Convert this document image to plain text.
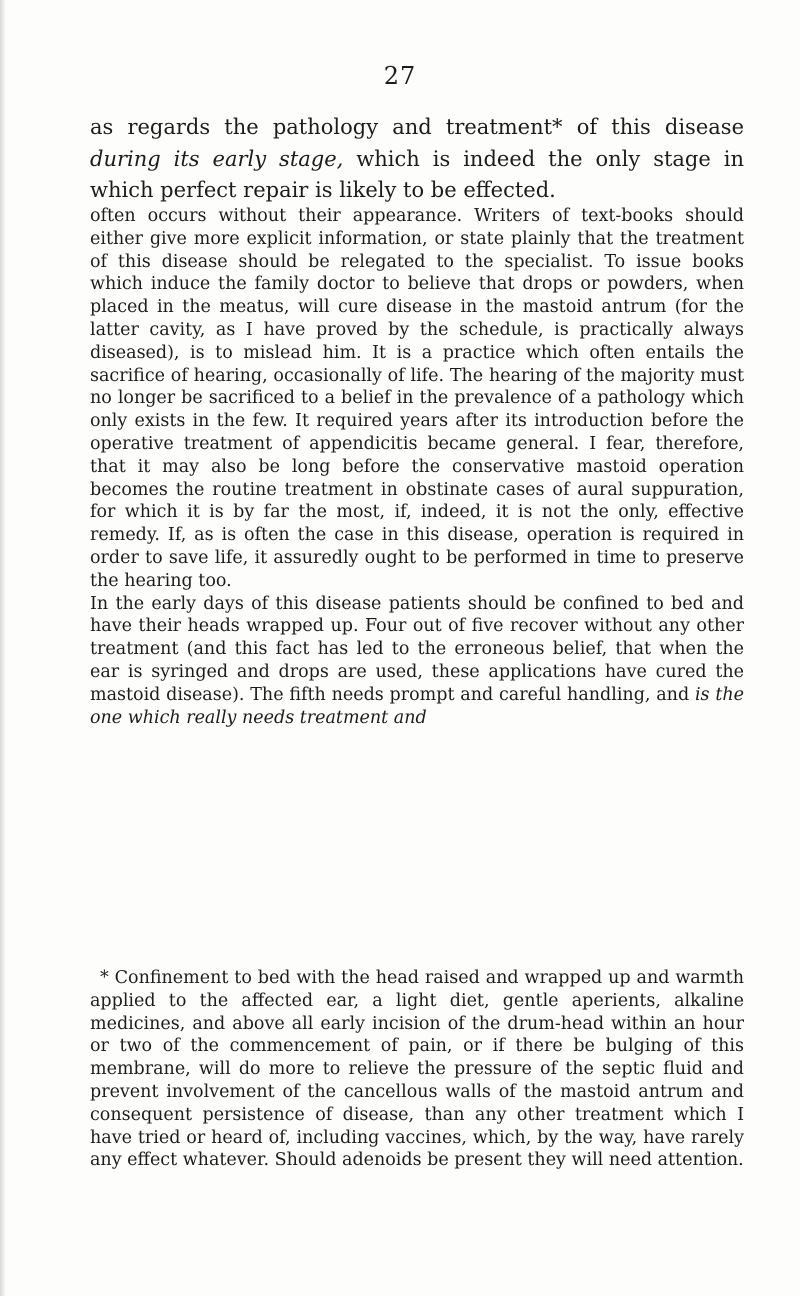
27

as regards the pathology and treatment* of this disease during its early stage, which is indeed the only stage in which perfect repair is likely to be effected.

often occurs without their appearance. Writers of text-books should either give more explicit information, or state plainly that the treatment of this disease should be relegated to the specialist. To issue books which induce the family doctor to believe that drops or powders, when placed in the meatus, will cure disease in the mastoid antrum (for the latter cavity, as I have proved by the schedule, is practically always diseased), is to mislead him. It is a practice which often entails the sacrifice of hearing, occasionally of life. The hearing of the majority must no longer be sacrificed to a belief in the prevalence of a pathology which only exists in the few. It required years after its introduction before the operative treatment of appendicitis became general. I fear, therefore, that it may also be long before the conservative mastoid operation becomes the routine treatment in obstinate cases of aural suppuration, for which it is by far the most, if, indeed, it is not the only, effective remedy. If, as is often the case in this disease, operation is required in order to save life, it assuredly ought to be performed in time to preserve the hearing too.

In the early days of this disease patients should be confined to bed and have their heads wrapped up. Four out of five recover without any other treatment (and this fact has led to the erroneous belief, that when the ear is syringed and drops are used, these applications have cured the mastoid disease). The fifth needs prompt and careful handling, and is the one which really needs treatment and

* Confinement to bed with the head raised and wrapped up and warmth applied to the affected ear, a light diet, gentle aperients, alkaline medicines, and above all early incision of the drum-head within an hour or two of the commencement of pain, or if there be bulging of this membrane, will do more to relieve the pressure of the septic fluid and prevent involvement of the cancellous walls of the mastoid antrum and consequent persistence of disease, than any other treatment which I have tried or heard of, including vaccines, which, by the way, have rarely any effect whatever. Should adenoids be present they will need attention.
